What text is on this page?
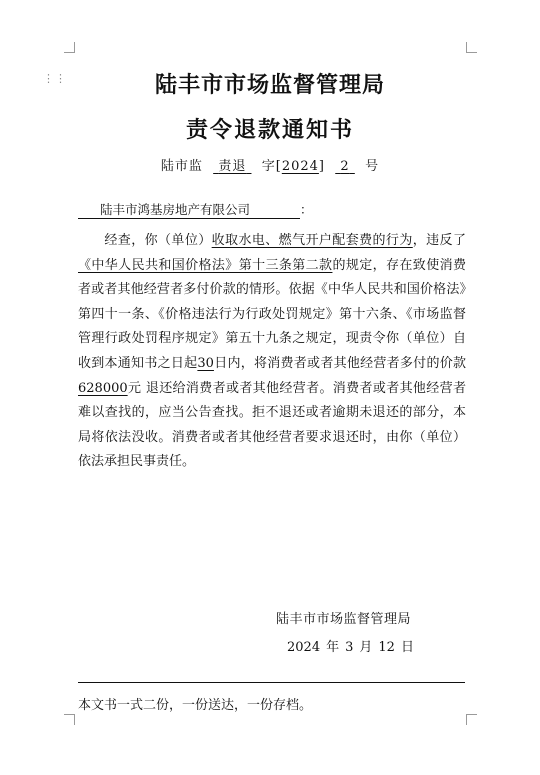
⋮⋮	陆丰市市场监督管理局
责令退款通知书
陆市监 责退 字[2024] 2 号
陆丰市鸿基房地产有限公司	：

经查，你（单位）收取水电、燃气开户配套费的行为，违反了《中华人民共和国价格法》第十三条第二款的规定，存在致使消费者或者其他经营者多付价款的情形。依据《中华人民共和国价格法》第四十一条、《价格违法行为行政处罚规定》第十六条、《市场监督管理行政处罚程序规定》第五十九条之规定，现责令你（单位）自收到本通知书之日起30日内，将消费者或者其他经营者多付的价款 628000元 退还给消费者或者其他经营者。消费者或者其他经营者难以查找的，应当公告查找。拒不退还或者逾期未退还的部分，本局将依法没收。消费者或者其他经营者要求退还时，由你（单位）依法承担民事责任。

陆丰市市场监督管理局
2024 年 3 月 12 日
本文书一式二份，一份送达，一份存档。
